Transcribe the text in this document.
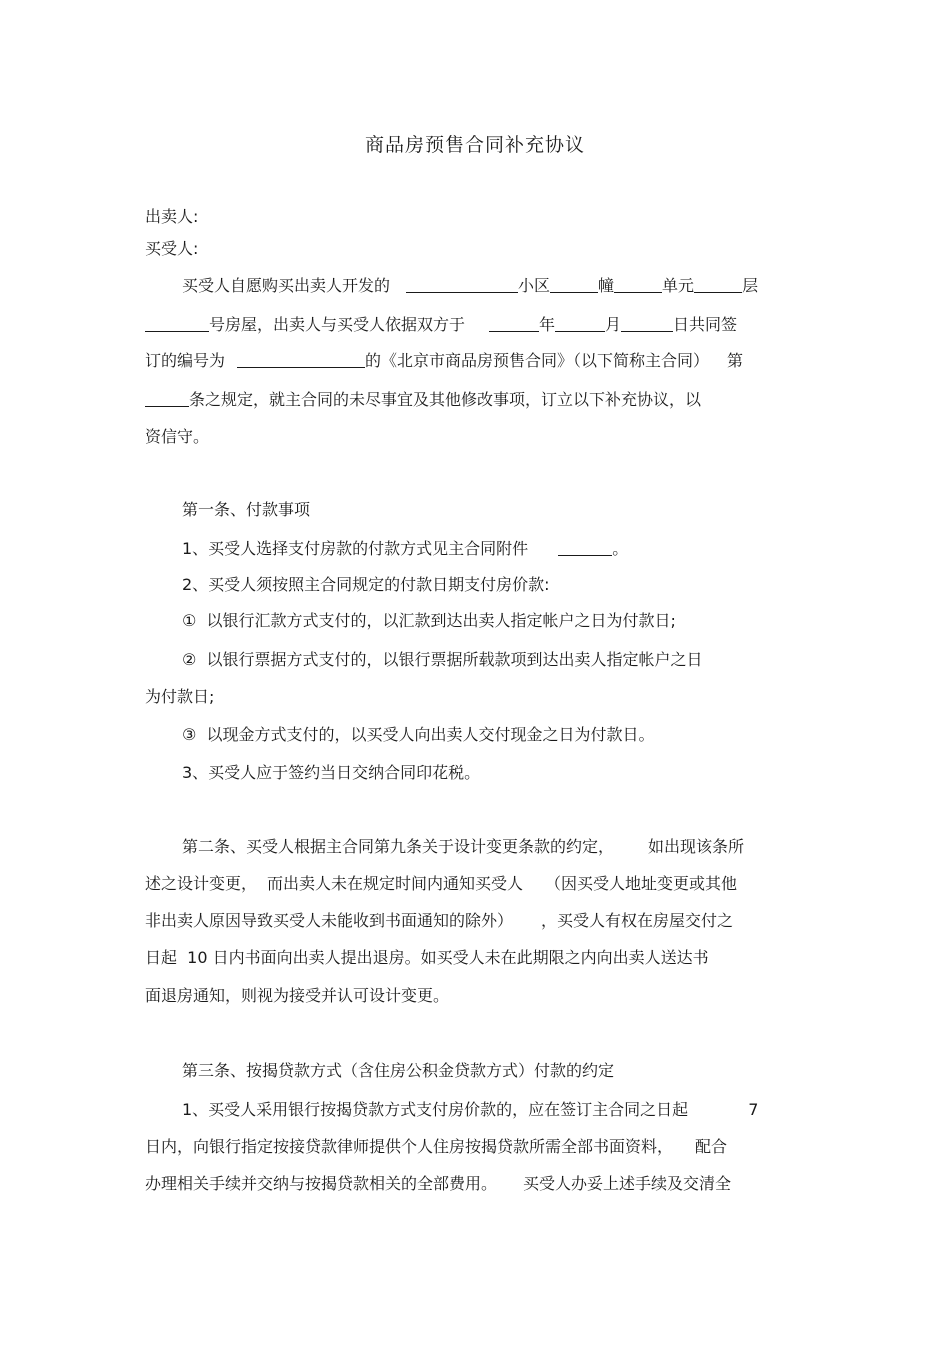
商品房预售合同补充协议
出卖人:
买受人:
买受人自愿购买出卖人开发的	小区	幢	单元	层
号房屋，出卖人与买受人依据双方于	年	月	日共同签
订的编号为	的《北京市商品房预售合同》（以下简称主合同） 第
条之规定，就主合同的未尽事宜及其他修改事项，订立以下补充协议，以
资信守。
第一条、付款事项
1、买受人选择支付房款的付款方式见主合同附件	。
2、买受人须按照主合同规定的付款日期支付房价款:
①  以银行汇款方式支付的，以汇款到达出卖人指定帐户之日为付款日;
②  以银行票据方式支付的，以银行票据所载款项到达出卖人指定帐户之日
为付款日;
③  以现金方式支付的，以买受人向出卖人交付现金之日为付款日。
3、买受人应于签约当日交纳合同印花税。
第二条、买受人根据主合同第九条关于设计变更条款的约定， 如出现该条所
述之设计变更， 而出卖人未在规定时间内通知买受人 （因买受人地址变更或其他
非出卖人原因导致买受人未能收到书面通知的除外） ，买受人有权在房屋交付之
日起  10 日内书面向出卖人提出退房。如买受人未在此期限之内向出卖人送达书
面退房通知，则视为接受并认可设计变更。
第三条、按揭贷款方式（含住房公积金贷款方式）付款的约定
1、买受人采用银行按揭贷款方式支付房价款的，应在签订主合同之日起	7
日内，向银行指定按接贷款律师提供个人住房按揭贷款所需全部书面资料， 配合
办理相关手续并交纳与按揭贷款相关的全部费用。 买受人办妥上述手续及交清全
